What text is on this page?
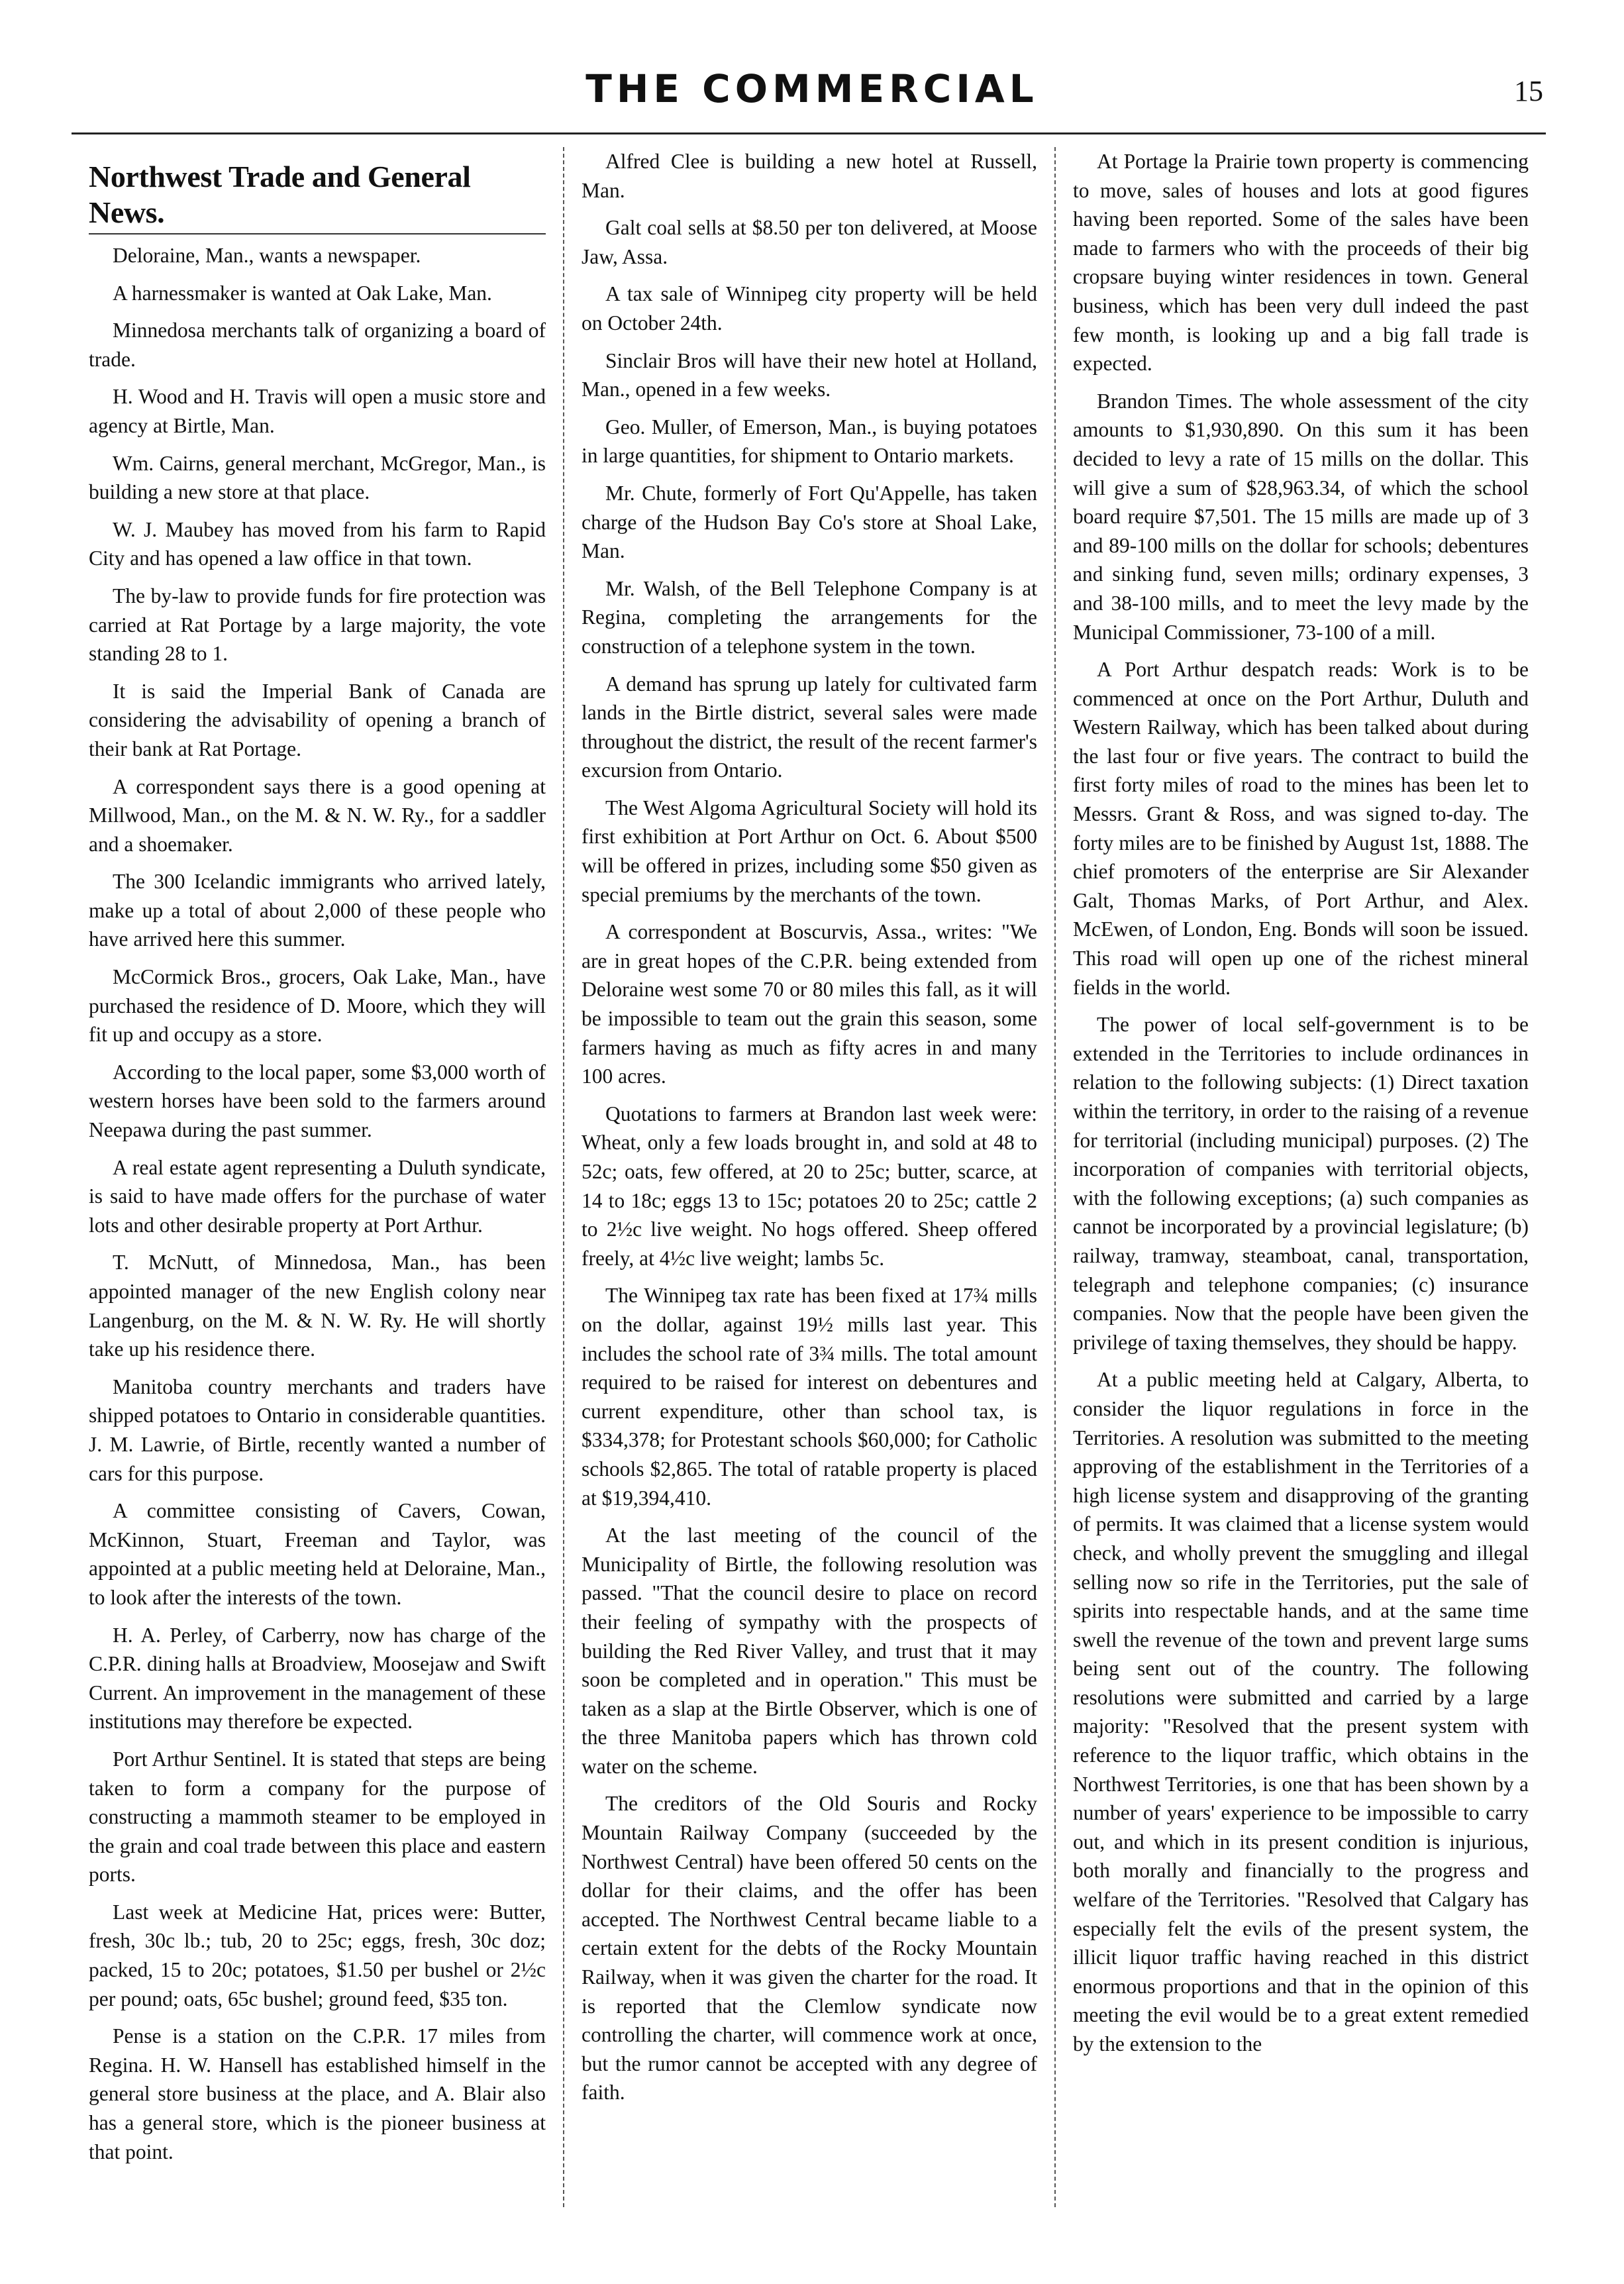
THE COMMERCIAL	15
Northwest Trade and General News.

Deloraine, Man., wants a newspaper.

A harnessmaker is wanted at Oak Lake, Man.

Minnedosa merchants talk of organizing a board of trade.

H. Wood and H. Travis will open a music store and agency at Birtle, Man.

Wm. Cairns, general merchant, McGregor, Man., is building a new store at that place.

W. J. Maubey has moved from his farm to Rapid City and has opened a law office in that town.

The by-law to provide funds for fire protection was carried at Rat Portage by a large majority, the vote standing 28 to 1.

It is said the Imperial Bank of Canada are considering the advisability of opening a branch of their bank at Rat Portage.

A correspondent says there is a good opening at Millwood, Man., on the M. & N. W. Ry., for a saddler and a shoemaker.

The 300 Icelandic immigrants who arrived lately, make up a total of about 2,000 of these people who have arrived here this summer.

McCormick Bros., grocers, Oak Lake, Man., have purchased the residence of D. Moore, which they will fit up and occupy as a store.

According to the local paper, some $3,000 worth of western horses have been sold to the farmers around Neepawa during the past summer.

A real estate agent representing a Duluth syndicate, is said to have made offers for the purchase of water lots and other desirable property at Port Arthur.

T. McNutt, of Minnedosa, Man., has been appointed manager of the new English colony near Langenburg, on the M. & N. W. Ry. He will shortly take up his residence there.

Manitoba country merchants and traders have shipped potatoes to Ontario in considerable quantities. J. M. Lawrie, of Birtle, recently wanted a number of cars for this purpose.

A committee consisting of Cavers, Cowan, McKinnon, Stuart, Freeman and Taylor, was appointed at a public meeting held at Deloraine, Man., to look after the interests of the town.

H. A. Perley, of Carberry, now has charge of the C.P.R. dining halls at Broadview, Moosejaw and Swift Current. An improvement in the management of these institutions may therefore be expected.

Port Arthur Sentinel. It is stated that steps are being taken to form a company for the purpose of constructing a mammoth steamer to be employed in the grain and coal trade between this place and eastern ports.

Last week at Medicine Hat, prices were: Butter, fresh, 30c lb.; tub, 20 to 25c; eggs, fresh, 30c doz; packed, 15 to 20c; potatoes, $1.50 per bushel or 2½c per pound; oats, 65c bushel; ground feed, $35 ton.

Pense is a station on the C.P.R. 17 miles from Regina. H. W. Hansell has established himself in the general store business at the place, and A. Blair also has a general store, which is the pioneer business at that point.

Alfred Clee is building a new hotel at Russell, Man.

Galt coal sells at $8.50 per ton delivered, at Moose Jaw, Assa.

A tax sale of Winnipeg city property will be held on October 24th.

Sinclair Bros will have their new hotel at Holland, Man., opened in a few weeks.

Geo. Muller, of Emerson, Man., is buying potatoes in large quantities, for shipment to Ontario markets.

Mr. Chute, formerly of Fort Qu'Appelle, has taken charge of the Hudson Bay Co's store at Shoal Lake, Man.

Mr. Walsh, of the Bell Telephone Company is at Regina, completing the arrangements for the construction of a telephone system in the town.

A demand has sprung up lately for cultivated farm lands in the Birtle district, several sales were made throughout the district, the result of the recent farmer's excursion from Ontario.

The West Algoma Agricultural Society will hold its first exhibition at Port Arthur on Oct. 6. About $500 will be offered in prizes, including some $50 given as special premiums by the merchants of the town.

A correspondent at Boscurvis, Assa., writes: "We are in great hopes of the C.P.R. being extended from Deloraine west some 70 or 80 miles this fall, as it will be impossible to team out the grain this season, some farmers having as much as fifty acres in and many 100 acres.

Quotations to farmers at Brandon last week were: Wheat, only a few loads brought in, and sold at 48 to 52c; oats, few offered, at 20 to 25c; butter, scarce, at 14 to 18c; eggs 13 to 15c; potatoes 20 to 25c; cattle 2 to 2½c live weight. No hogs offered. Sheep offered freely, at 4½c live weight; lambs 5c.

The Winnipeg tax rate has been fixed at 17¾ mills on the dollar, against 19½ mills last year. This includes the school rate of 3¾ mills. The total amount required to be raised for interest on debentures and current expenditure, other than school tax, is $334,378; for Protestant schools $60,000; for Catholic schools $2,865. The total of ratable property is placed at $19,394,410.

At the last meeting of the council of the Municipality of Birtle, the following resolution was passed. "That the council desire to place on record their feeling of sympathy with the prospects of building the Red River Valley, and trust that it may soon be completed and in operation." This must be taken as a slap at the Birtle Observer, which is one of the three Manitoba papers which has thrown cold water on the scheme.

The creditors of the Old Souris and Rocky Mountain Railway Company (succeeded by the Northwest Central) have been offered 50 cents on the dollar for their claims, and the offer has been accepted. The Northwest Central became liable to a certain extent for the debts of the Rocky Mountain Railway, when it was given the charter for the road. It is reported that the Clemlow syndicate now controlling the charter, will commence work at once, but the rumor cannot be accepted with any degree of faith.

At Portage la Prairie town property is commencing to move, sales of houses and lots at good figures having been reported. Some of the sales have been made to farmers who with the proceeds of their big cropsare buying winter residences in town. General business, which has been very dull indeed the past few month, is looking up and a big fall trade is expected.

Brandon Times. The whole assessment of the city amounts to $1,930,890. On this sum it has been decided to levy a rate of 15 mills on the dollar. This will give a sum of $28,963.34, of which the school board require $7,501. The 15 mills are made up of 3 and 89-100 mills on the dollar for schools; debentures and sinking fund, seven mills; ordinary expenses, 3 and 38-100 mills, and to meet the levy made by the Municipal Commissioner, 73-100 of a mill.

A Port Arthur despatch reads: Work is to be commenced at once on the Port Arthur, Duluth and Western Railway, which has been talked about during the last four or five years. The contract to build the first forty miles of road to the mines has been let to Messrs. Grant & Ross, and was signed to-day. The forty miles are to be finished by August 1st, 1888. The chief promoters of the enterprise are Sir Alexander Galt, Thomas Marks, of Port Arthur, and Alex. McEwen, of London, Eng. Bonds will soon be issued. This road will open up one of the richest mineral fields in the world.

The power of local self-government is to be extended in the Territories to include ordinances in relation to the following subjects: (1) Direct taxation within the territory, in order to the raising of a revenue for territorial (including municipal) purposes. (2) The incorporation of companies with territorial objects, with the following exceptions; (a) such companies as cannot be incorporated by a provincial legislature; (b) railway, tramway, steamboat, canal, transportation, telegraph and telephone companies; (c) insurance companies. Now that the people have been given the privilege of taxing themselves, they should be happy.

At a public meeting held at Calgary, Alberta, to consider the liquor regulations in force in the Territories. A resolution was submitted to the meeting approving of the establishment in the Territories of a high license system and disapproving of the granting of permits. It was claimed that a license system would check, and wholly prevent the smuggling and illegal selling now so rife in the Territories, put the sale of spirits into respectable hands, and at the same time swell the revenue of the town and prevent large sums being sent out of the country. The following resolutions were submitted and carried by a large majority: "Resolved that the present system with reference to the liquor traffic, which obtains in the Northwest Territories, is one that has been shown by a number of years' experience to be impossible to carry out, and which in its present condition is injurious, both morally and financially to the progress and welfare of the Territories. "Resolved that Calgary has especially felt the evils of the present system, the illicit liquor traffic having reached in this district enormous proportions and that in the opinion of this meeting the evil would be to a great extent remedied by the extension to the
